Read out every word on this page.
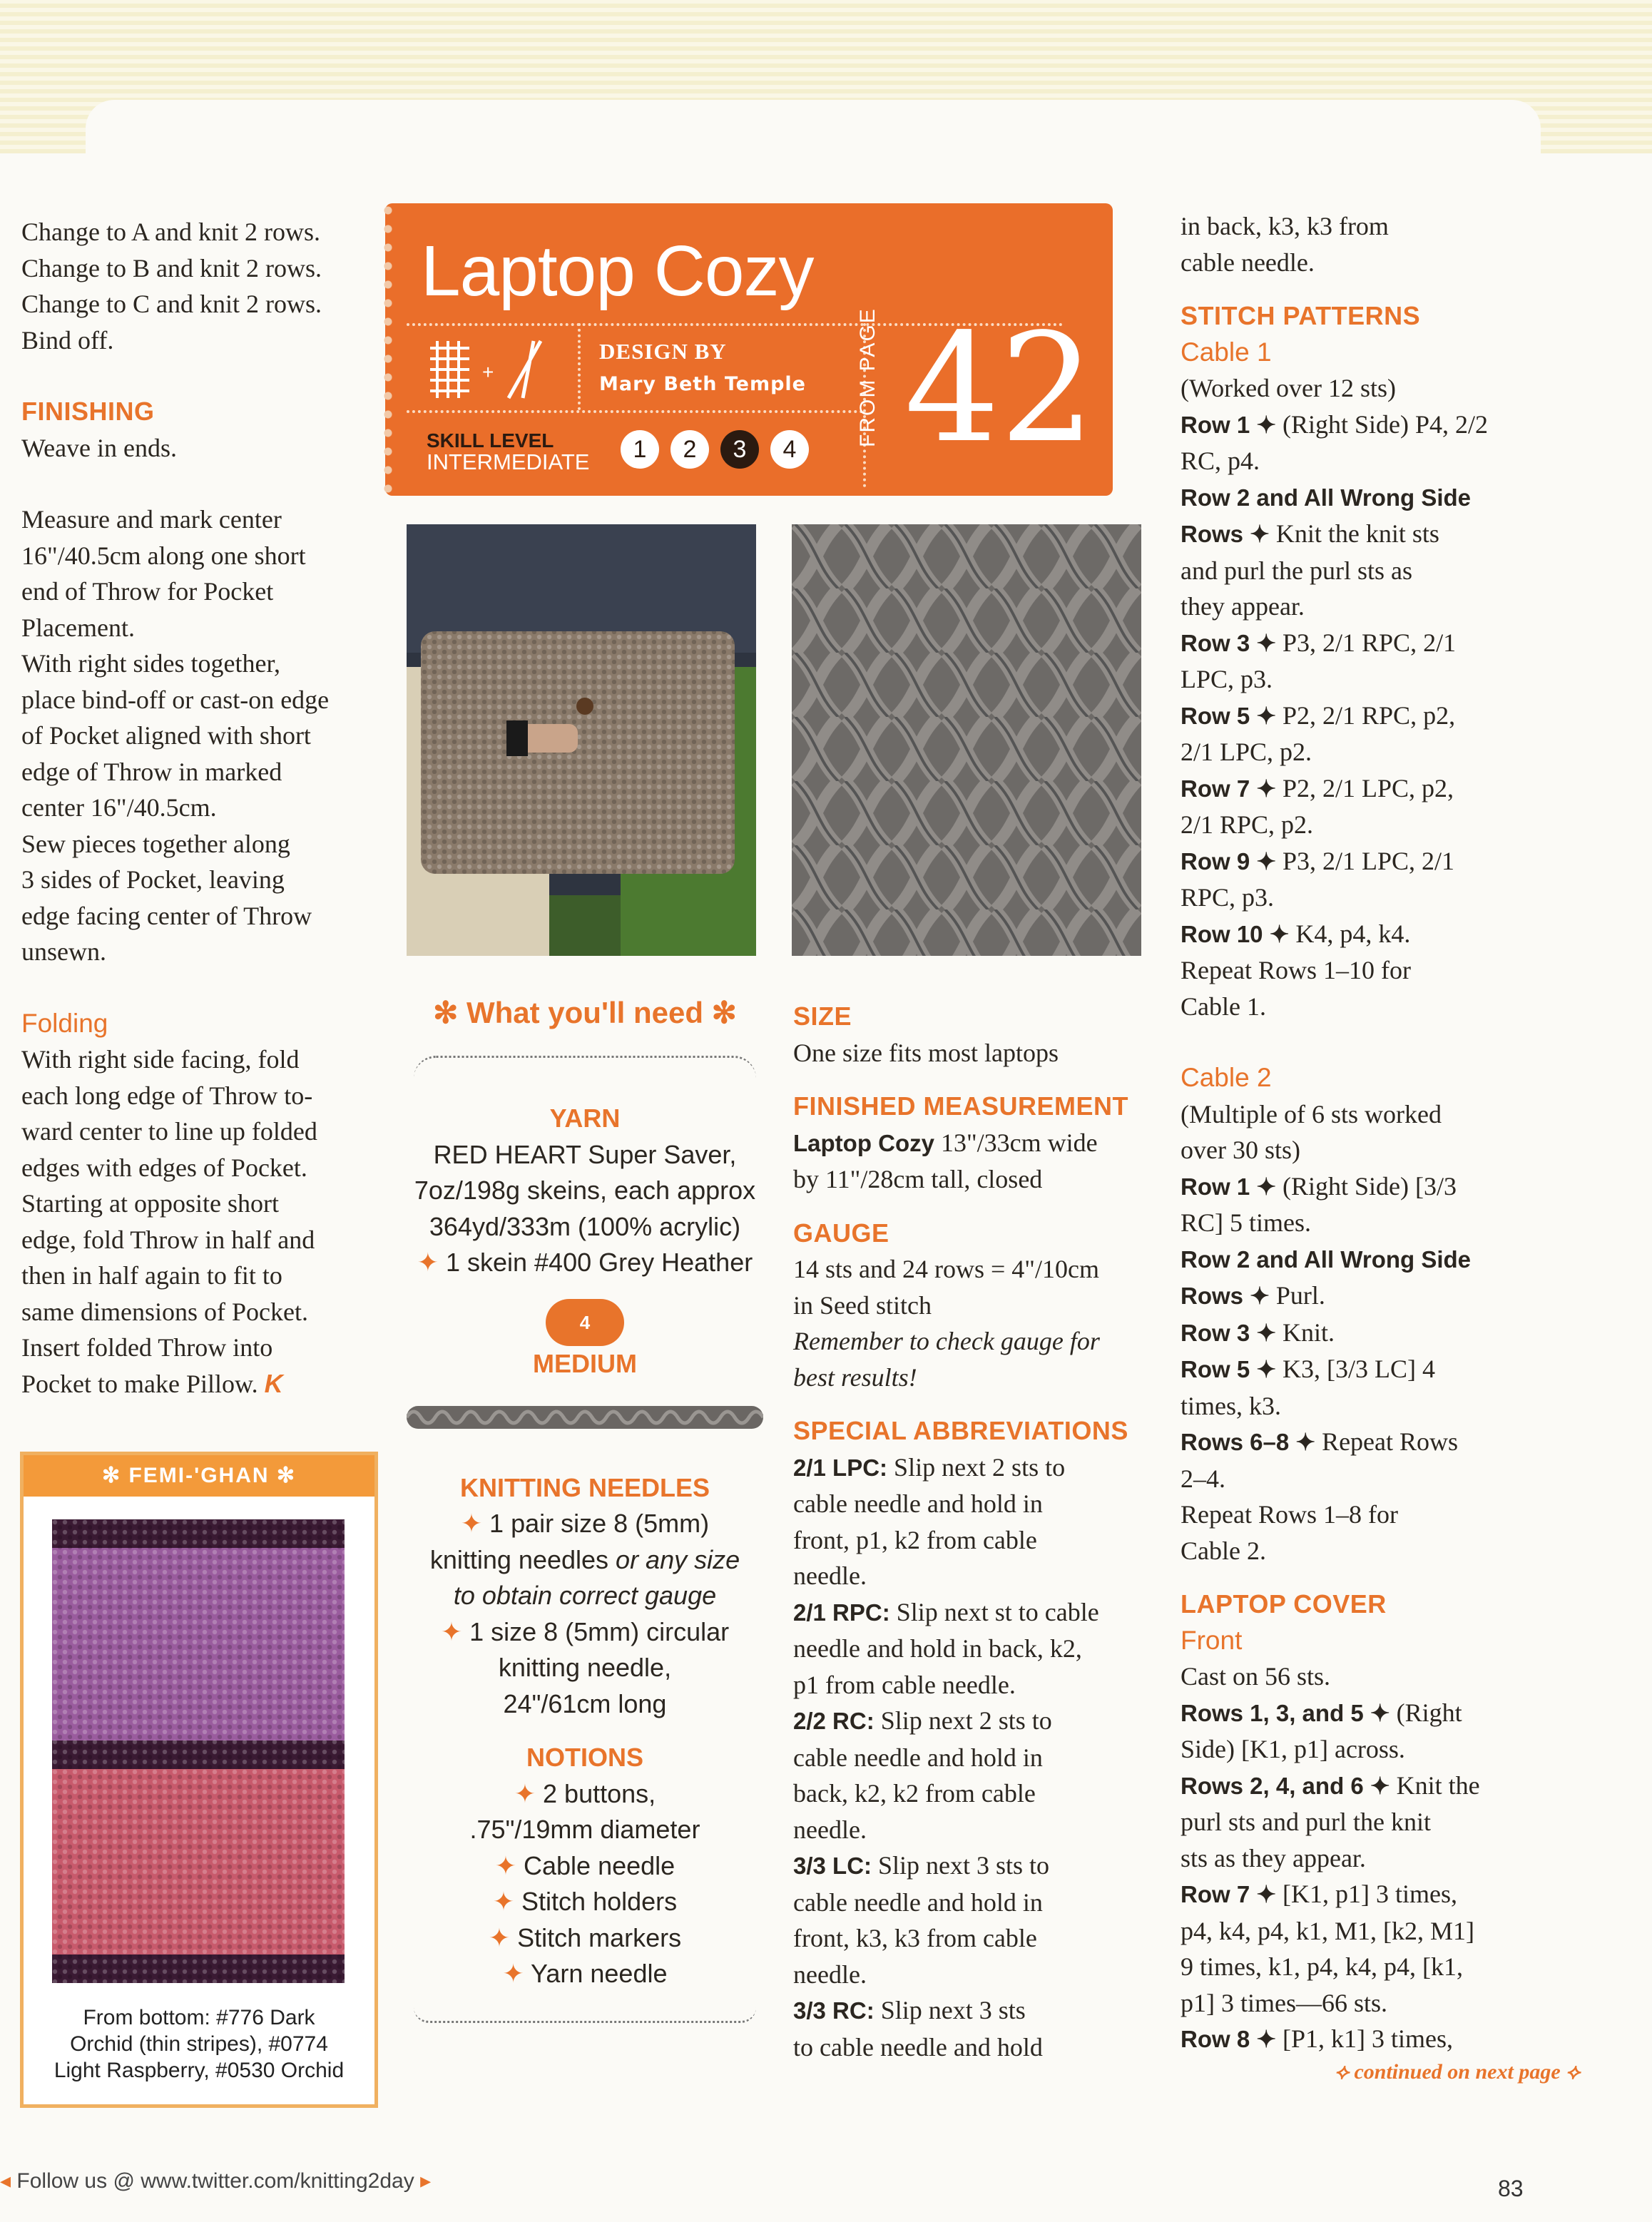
Change to A and knit 2 rows.

Change to B and knit 2 rows.

Change to C and knit 2 rows.

Bind off.

FINISHING

Weave in ends.

Measure and mark center

16"/40.5cm along one short

end of Throw for Pocket

Placement.

With right sides together,

place bind-off or cast-on edge

of Pocket aligned with short

edge of Throw in marked

center 16"/40.5cm.

Sew pieces together along

3 sides of Pocket, leaving

edge facing center of Throw

unsewn.

Folding

With right side facing, fold

each long edge of Throw to-

ward center to line up folded

edges with edges of Pocket.

Starting at opposite short

edge, fold Throw in half and

then in half again to fit to

same dimensions of Pocket.

Insert folded Throw into

Pocket to make Pillow. K

✻ FEMI-'GHAN ✻
From bottom: #776 Dark
Orchid (thin stripes), #0774
Light Raspberry, #0530 Orchid
Laptop Cozy
+
DESIGN BY
Mary Beth Temple
SKILL LEVEL
INTERMEDIATE	1	2	3	4
FROM PAGE 42
✻ What you'll need ✻
YARN
RED HEART Super Saver,
7oz/198g skeins, each approx
364yd/333m (100% acrylic)
✦ 1 skein #400 Grey Heather
4
MEDIUM
KNITTING NEEDLES
✦ 1 pair size 8 (5mm)
knitting needles or any size
to obtain correct gauge
✦ 1 size 8 (5mm) circular
knitting needle,
24"/61cm long
NOTIONS
✦ 2 buttons,
.75"/19mm diameter
✦ Cable needle
✦ Stitch holders
✦ Stitch markers
✦ Yarn needle

SIZE

One size fits most laptops

FINISHED MEASUREMENT

Laptop Cozy 13"/33cm wide

by 11"/28cm tall, closed

GAUGE

14 sts and 24 rows = 4"/10cm

in Seed stitch

Remember to check gauge for

best results!

SPECIAL ABBREVIATIONS

2/1 LPC: Slip next 2 sts to

cable needle and hold in

front, p1, k2 from cable

needle.

2/1 RPC: Slip next st to cable

needle and hold in back, k2,

p1 from cable needle.

2/2 RC: Slip next 2 sts to

cable needle and hold in

back, k2, k2 from cable

needle.

3/3 LC: Slip next 3 sts to

cable needle and hold in

front, k3, k3 from cable

needle.

3/3 RC: Slip next 3 sts

to cable needle and hold

in back, k3, k3 from

cable needle.

STITCH PATTERNS

Cable 1

(Worked over 12 sts)

Row 1 ✦ (Right Side) P4, 2/2

RC, p4.

Row 2 and All Wrong Side

Rows ✦ Knit the knit sts

and purl the purl sts as

they appear.

Row 3 ✦ P3, 2/1 RPC, 2/1

LPC, p3.

Row 5 ✦ P2, 2/1 RPC, p2,

2/1 LPC, p2.

Row 7 ✦ P2, 2/1 LPC, p2,

2/1 RPC, p2.

Row 9 ✦ P3, 2/1 LPC, 2/1

RPC, p3.

Row 10 ✦ K4, p4, k4.

Repeat Rows 1–10 for

Cable 1.

Cable 2

(Multiple of 6 sts worked

over 30 sts)

Row 1 ✦ (Right Side) [3/3

RC] 5 times.

Row 2 and All Wrong Side

Rows ✦ Purl.

Row 3 ✦ Knit.

Row 5 ✦ K3, [3/3 LC] 4

times, k3.

Rows 6–8 ✦ Repeat Rows

2–4.

Repeat Rows 1–8 for

Cable 2.

LAPTOP COVER

Front

Cast on 56 sts.

Rows 1, 3, and 5 ✦ (Right

Side) [K1, p1] across.

Rows 2, 4, and 6 ✦ Knit the

purl sts and purl the knit

sts as they appear.

Row 7 ✦ [K1, p1] 3 times,

p4, k4, p4, k1, M1, [k2, M1]

9 times, k1, p4, k4, p4, [k1,

p1] 3 times—66 sts.

Row 8 ✦ [P1, k1] 3 times,

⟡ continued on next page ⟡

◂ Follow us @ www.twitter.com/knitting2day ▸	83
